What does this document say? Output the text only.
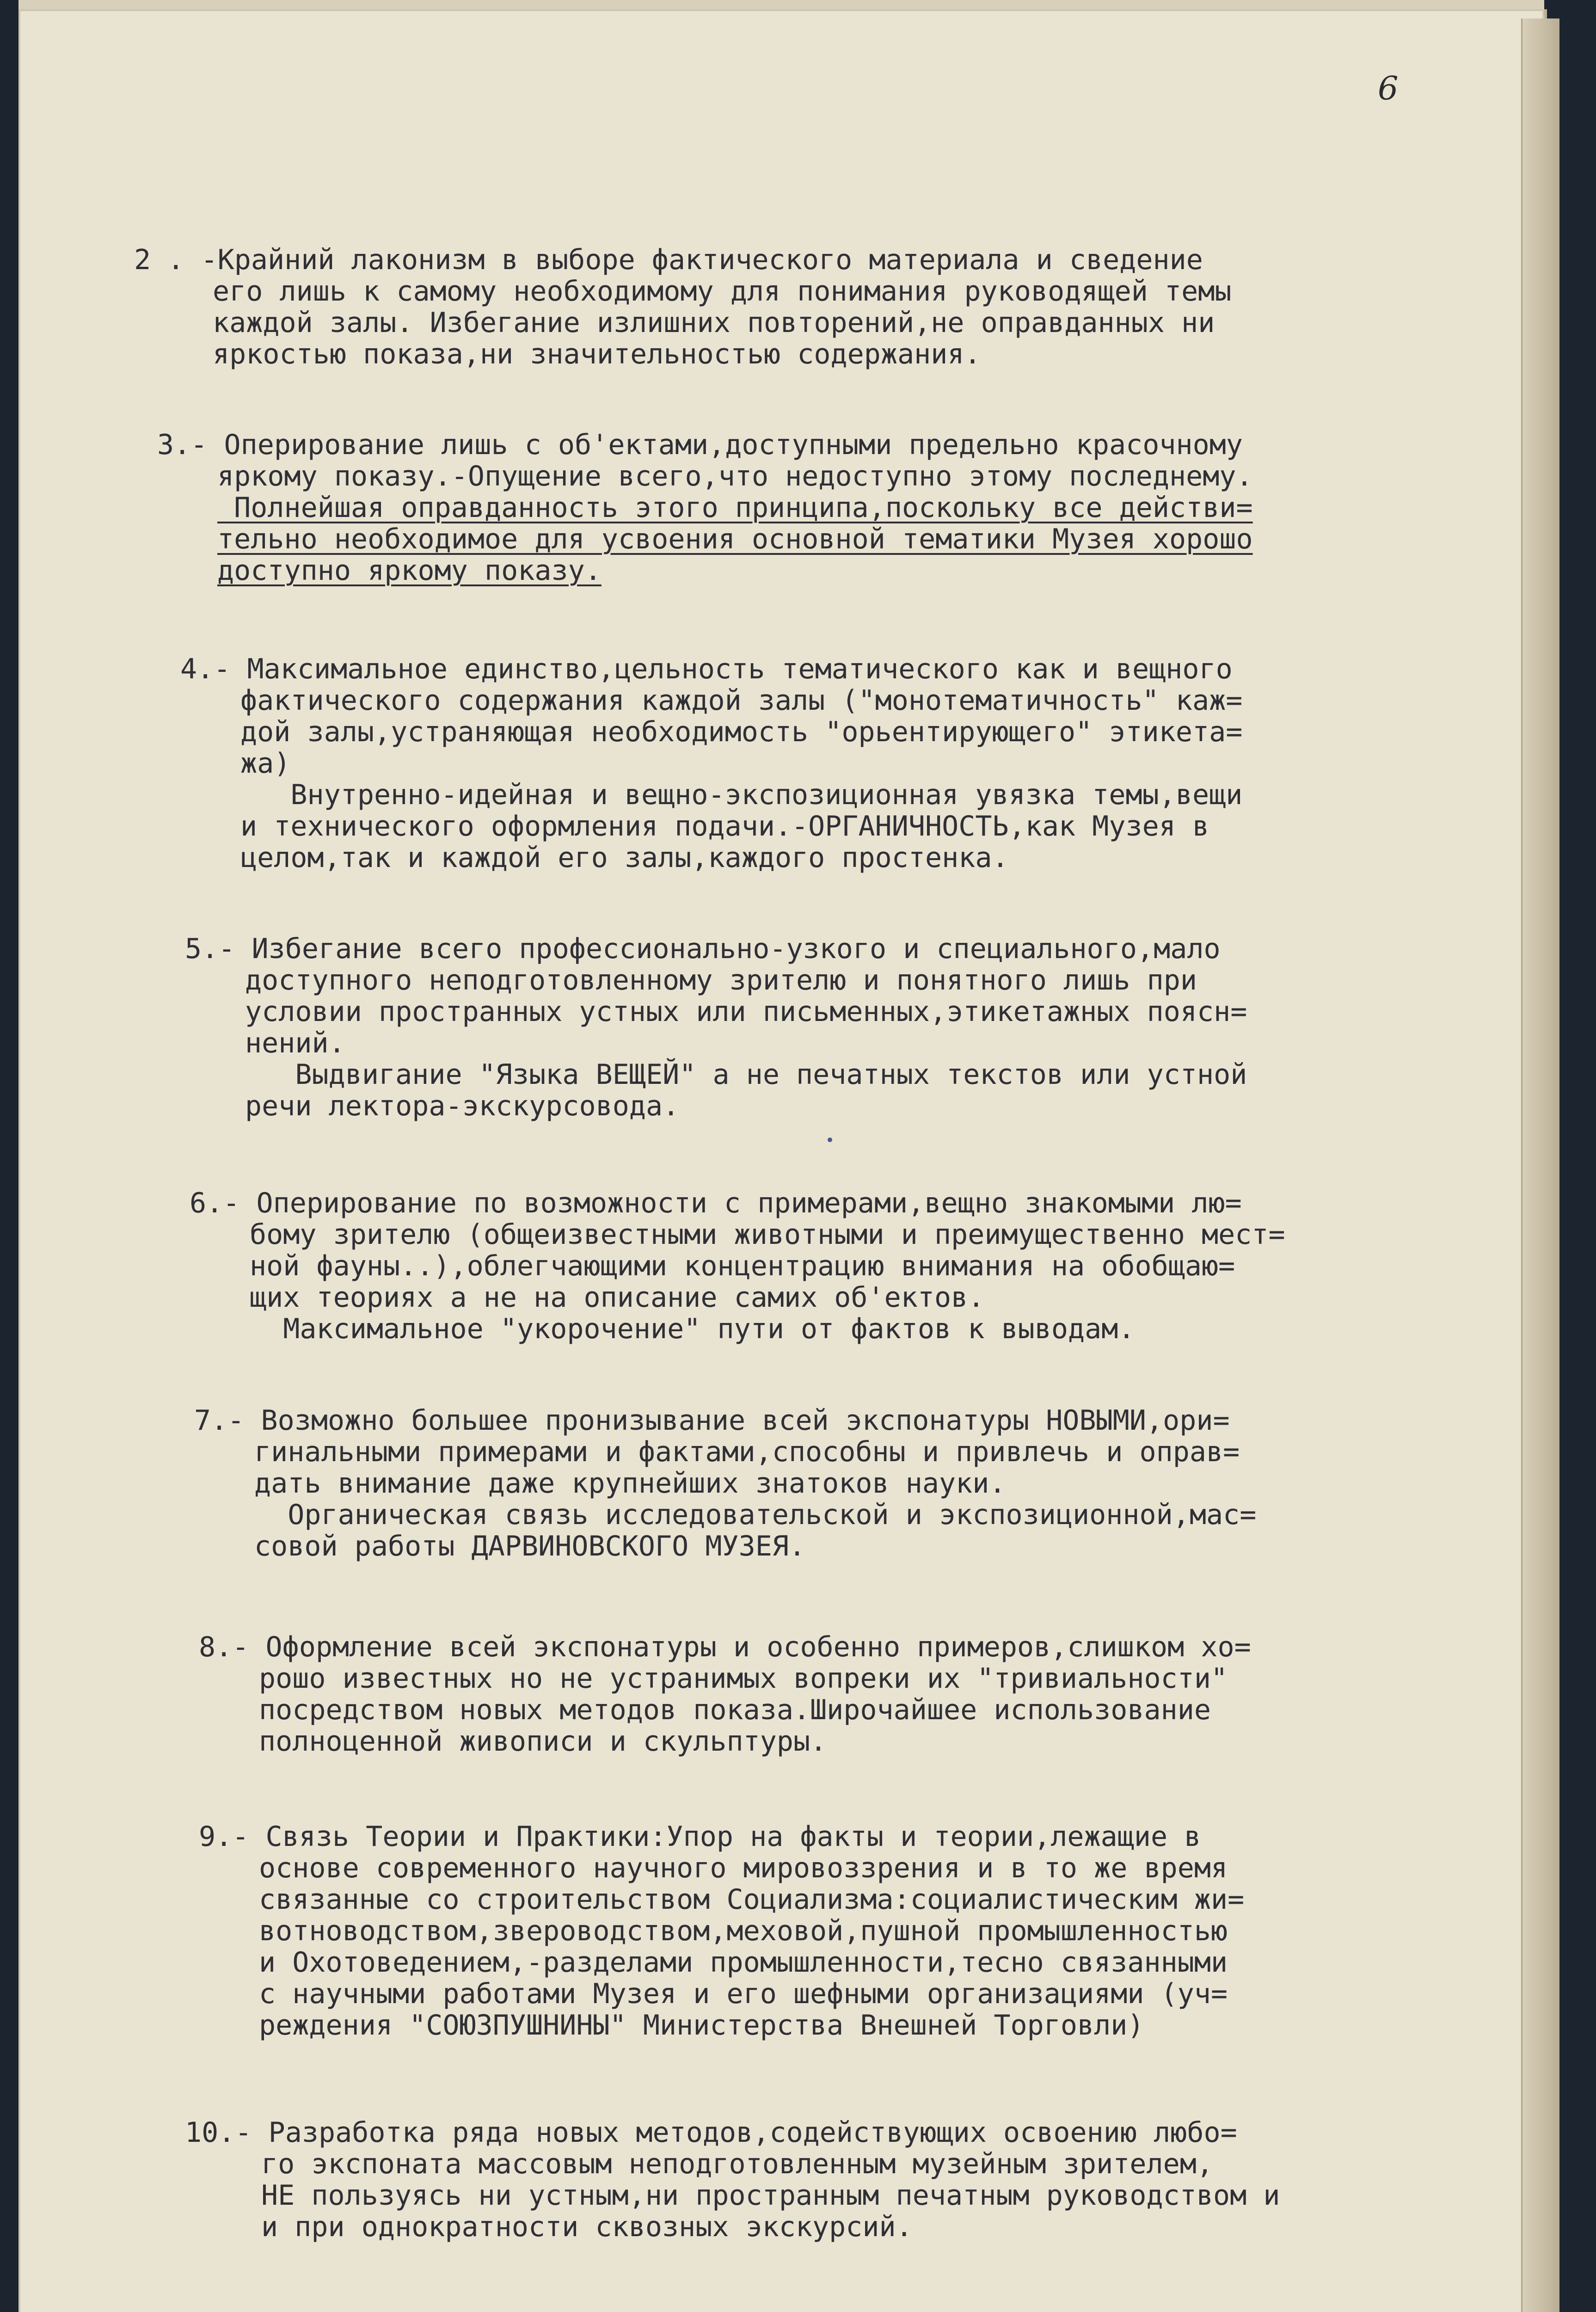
6

2 . -Крайний лаконизм в выборе фактического материала и сведение
его лишь к самому необходимому для понимания руководящей темы
каждой залы. Избегание излишних повторений,не оправданных ни
яркостью показа,ни значительностью содержания.

3.- Оперирование лишь с об'ектами,доступными предельно красочному
яркому показу.-Опущение всего,что недоступно этому последнему.
Полнейшая оправданность этого принципа,поскольку все действи=
тельно необходимое для усвоения основной тематики Музея хорошо
доступно яркому показу.

4.- Максимальное единство,цельность тематического как и вещного
фактического содержания каждой залы ("монотематичность" каж=
дой залы,устраняющая необходимость "орьентирующего" этикета=
жа)
Внутренно-идейная и вещно-экспозиционная увязка темы,вещи
и технического оформления подачи.-ОРГАНИЧНОСТЬ,как Музея в
целом,так и каждой его залы,каждого простенка.

5.- Избегание всего профессионально-узкого и специального,мало
доступного неподготовленному зрителю и понятного лишь при
условии пространных устных или письменных,этикетажных поясн=
нений.
Выдвигание "Языка ВЕЩЕЙ" а не печатных текстов или устной
речи лектора-экскурсовода.

6.- Оперирование по возможности с примерами,вещно знакомыми лю=
бому зрителю (общеизвестными животными и преимущественно мест=
ной фауны..),облегчающими концентрацию внимания на обобщаю=
щих теориях а не на описание самих об'ектов.
Максимальное "укорочение" пути от фактов к выводам.

7.- Возможно большее пронизывание всей экспонатуры НОВЫМИ,ори=
гинальными примерами и фактами,способны и привлечь и оправ=
дать внимание даже крупнейших знатоков науки.
Органическая связь исследовательской и экспозиционной,мас=
совой работы ДАРВИНОВСКОГО МУЗЕЯ.

8.- Оформление всей экспонатуры и особенно примеров,слишком хо=
рошо известных но не устранимых вопреки их "тривиальности"
посредством новых методов показа.Широчайшее использование
полноценной живописи и скульптуры.

9.- Связь Теории и Практики:Упор на факты и теории,лежащие в
основе современного научного мировоззрения и в то же время
связанные со строительством Социализма:социалистическим жи=
вотноводством,звероводством,меховой,пушной промышленностью
и Охотоведением,-разделами промышленности,тесно связанными
с научными работами Музея и его шефными организациями (уч=
реждения "СОЮЗПУШНИНЫ" Министерства Внешней Торговли)

10.- Разработка ряда новых методов,содействующих освоению любо=
го экспоната массовым неподготовленным музейным зрителем,
НЕ пользуясь ни устным,ни пространным печатным руководством и
и при однократности сквозных экскурсий.
